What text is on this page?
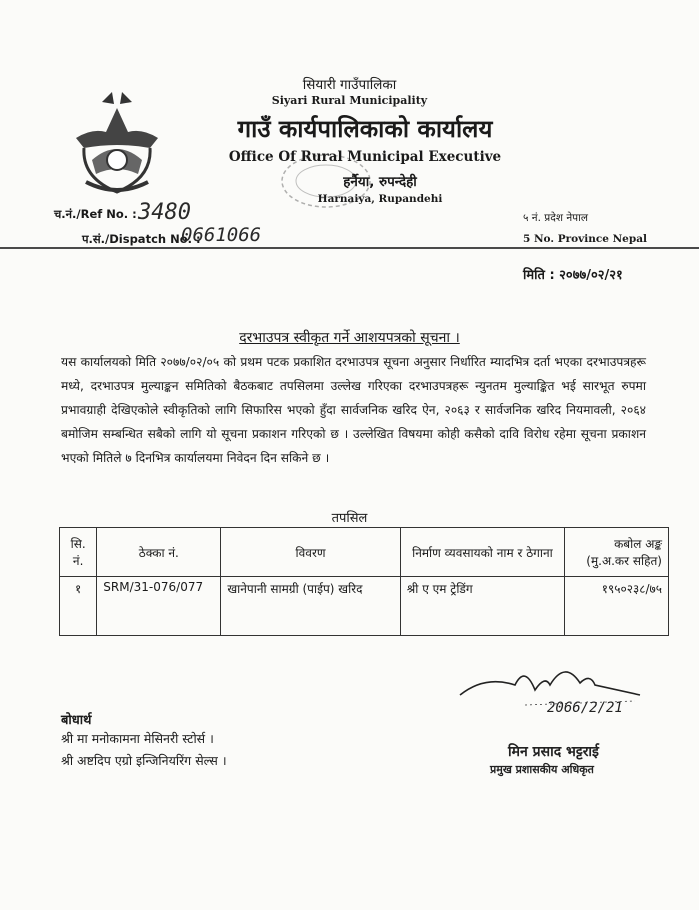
सियारी गाउँपालिका
Siyari Rural Municipality
गाउँ कार्यपालिकाको कार्यालय
Office Of Rural Municipal Executive
हर्नैया, रुपन्देही
Harnaiya, Rupandehi
च.नं./Ref No. : 3480
प.सं./Dispatch No. :
0661066
५ नं. प्रदेश नेपाल
5 No. Province Nepal
मिति : २०७७/०२/२१
दरभाउपत्र स्वीकृत गर्ने आशयपत्रको सूचना ।
यस कार्यालयको मिति २०७७/०२/०५ को प्रथम पटक प्रकाशित दरभाउपत्र सूचना अनुसार निर्धारित म्यादभित्र दर्ता भएका दरभाउपत्रहरू मध्ये, दरभाउपत्र मुल्याङ्कन समितिको बैठकबाट तपसिलमा उल्लेख गरिएका दरभाउपत्रहरू न्युनतम मुल्याङ्कित भई सारभूत रुपमा प्रभावग्राही देखिएकोले स्वीकृतिको लागि सिफारिस भएको हुँदा सार्वजनिक खरिद ऐन, २०६३ र सार्वजनिक खरिद नियमावली, २०६४ बमोजिम सम्बन्धित सबैको लागि यो सूचना प्रकाशन गरिएको छ । उल्लेखित विषयमा कोही कसैको दावि विरोध रहेमा सूचना प्रकाशन भएको मितिले ७ दिनभित्र कार्यालयमा निवेदन दिन सकिने छ ।
तपसिल
सि. नं.	ठेक्का नं.	विवरण	निर्माण व्यवसायको नाम र ठेगाना	कबोल अङ्क (मु.अ.कर सहित)
१	SRM/31-076/077	खानेपानी सामग्री (पाईप) खरिद	श्री ए एम ट्रेडिंग	१९५०२३८/७५
2066/2/21
मिन प्रसाद भट्टराई
प्रमुख प्रशासकीय अधिकृत
बोधार्थ
श्री मा मनोकामना मेसिनरी स्टोर्स ।
श्री अष्टदिप एग्रो इन्जिनियरिंग सेल्स ।
